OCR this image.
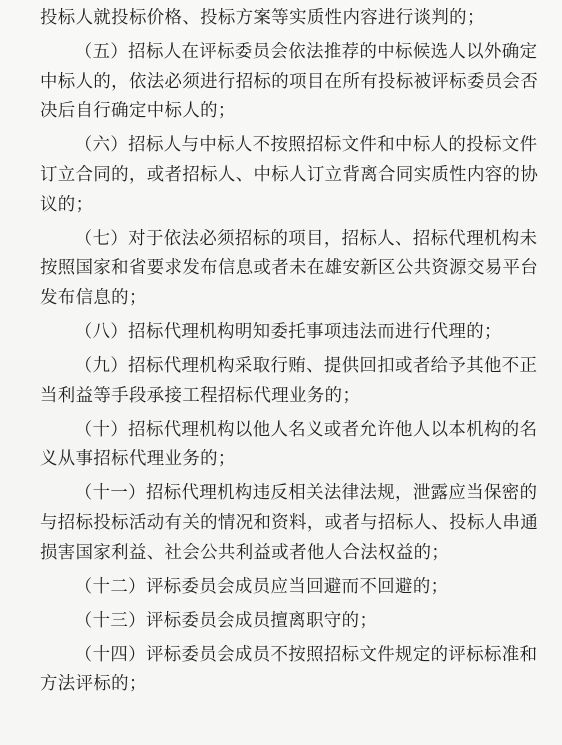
投标人就投标价格、投标方案等实质性内容进行谈判的；

（五）招标人在评标委员会依法推荐的中标候选人以外确定中标人的，依法必须进行招标的项目在所有投标被评标委员会否决后自行确定中标人的；

（六）招标人与中标人不按照招标文件和中标人的投标文件订立合同的，或者招标人、中标人订立背离合同实质性内容的协议的；

（七）对于依法必须招标的项目，招标人、招标代理机构未按照国家和省要求发布信息或者未在雄安新区公共资源交易平台发布信息的；

（八）招标代理机构明知委托事项违法而进行代理的；

（九）招标代理机构采取行贿、提供回扣或者给予其他不正当利益等手段承接工程招标代理业务的；

（十）招标代理机构以他人名义或者允许他人以本机构的名义从事招标代理业务的；

（十一）招标代理机构违反相关法律法规，泄露应当保密的与招标投标活动有关的情况和资料，或者与招标人、投标人串通损害国家利益、社会公共利益或者他人合法权益的；

（十二）评标委员会成员应当回避而不回避的；

（十三）评标委员会成员擅离职守的；

（十四）评标委员会成员不按照招标文件规定的评标标准和方法评标的；
